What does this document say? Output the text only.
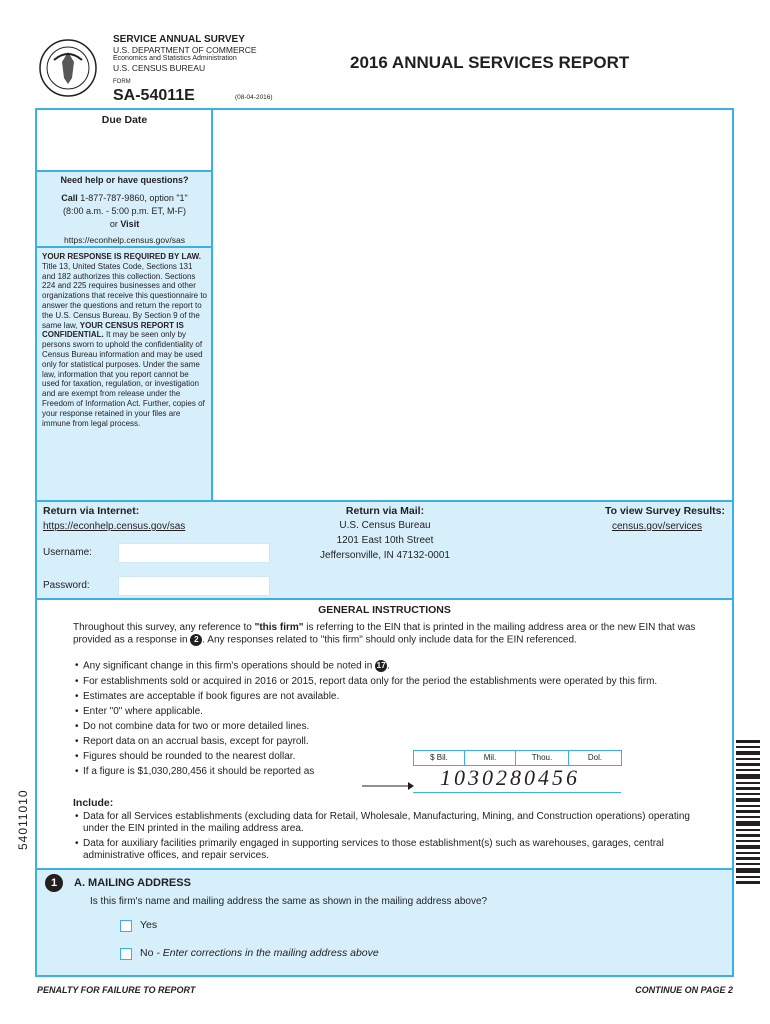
SERVICE ANNUAL SURVEY
U.S. DEPARTMENT OF COMMERCE
Economics and Statistics Administration
U.S. CENSUS BUREAU
FORM
SA-54011E	(08-04-2016)
2016 ANNUAL SERVICES REPORT
Due Date
Need help or have questions?
Call 1-877-787-9860, option "1"
(8:00 a.m. - 5:00 p.m. ET, M-F)
or Visit
https://econhelp.census.gov/sas

YOUR RESPONSE IS REQUIRED BY LAW. Title 13, United States Code, Sections 131 and 182 authorizes this collection. Sections 224 and 225 requires businesses and other organizations that receive this questionnaire to answer the questions and return the report to the U.S. Census Bureau. By Section 9 of the same law, YOUR CENSUS REPORT IS CONFIDENTIAL. It may be seen only by persons sworn to uphold the confidentiality of Census Bureau information and may be used only for statistical purposes. Under the same law, information that you report cannot be used for taxation, regulation, or investigation and are exempt from release under the Freedom of Information Act. Further, copies of your response retained in your files are immune from legal process.

Return via Internet:
https://econhelp.census.gov/sas
Username:
Password:
Return via Mail:
U.S. Census Bureau
1201 East 10th Street
Jeffersonville, IN 47132-0001
To view Survey Results:
census.gov/services
GENERAL INSTRUCTIONS
Throughout this survey, any reference to "this firm" is referring to the EIN that is printed in the mailing address area or the new EIN that was provided as a response in 2 . Any responses related to "this firm" should only include data for the EIN referenced.
• Any significant change in this firm's operations should be noted in 17 .
• For establishments sold or acquired in 2016 or 2015, report data only for the period the establishments were operated by this firm.
• Estimates are acceptable if book figures are not available.
• Enter "0" where applicable.
• Do not combine data for two or more detailed lines.
• Report data on an accrual basis, except for payroll.
• Figures should be rounded to the nearest dollar.
• If a figure is $1,030,280,456 it should be reported as
$ Bil.	Mil.	Thou.	Dol.
1030280456
Include:
• Data for all Services establishments (excluding data for Retail, Wholesale, Manufacturing, Mining, and Construction operations) operating under the EIN printed in the mailing address area.
• Data for auxiliary facilities primarily engaged in supporting services to those establishment(s) such as warehouses, garages, central administrative offices, and repair services.
1	A. MAILING ADDRESS
Is this firm's name and mailing address the same as shown in the mailing address above?
Yes
No - Enter corrections in the mailing address above
54011010
PENALTY FOR FAILURE TO REPORT	CONTINUE ON PAGE 2
